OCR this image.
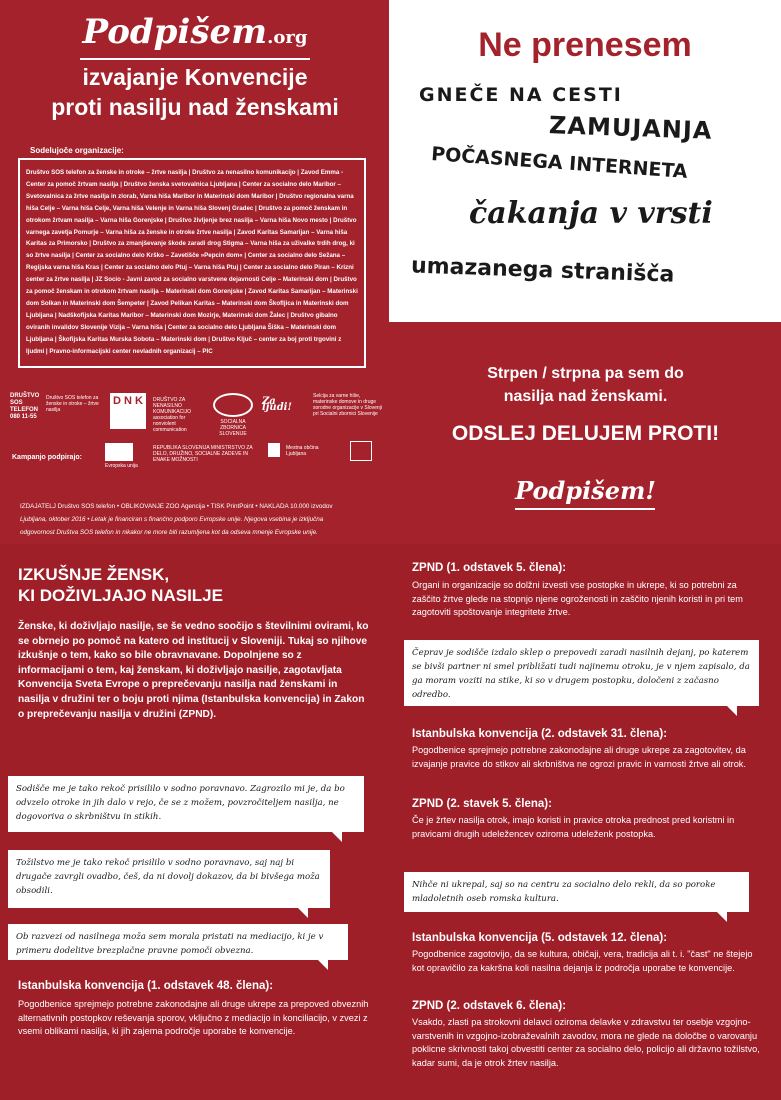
Podpišem.org
izvajanje Konvencije
proti nasilju nad ženskami
Sodelujoče organizacije:
Društvo SOS telefon za ženske in otroke – žrtve nasilja | Društvo za nenasilno komunikacijo | Zavod Emma - Center za pomoč žrtvam nasilja | Društvo ženska svetovalnica Ljubljana | Center za socialno delo Maribor – Svetovalnica za žrtve nasilja in zlorab, Varna hiša Maribor in Materinski dom Maribor | Društvo regionalna varna hiša Celje – Varna hiša Celje, Varna hiša Velenje in Varna hiša Slovenj Gradec | Društvo za pomoč ženskam in otrokom žrtvam nasilja – Varna hiša Gorenjske | Društvo življenje brez nasilja – Varna hiša Novo mesto | Društvo varnega zavetja Pomurje – Varna hiša za ženske in otroke žrtve nasilja | Zavod Karitas Samarijan – Varna hiša Karitas za Primorsko | Društvo za zmanjševanje škode zaradi drog Stigma – Varna hiša za uživalke trdih drog, ki so žrtve nasilja | Center za socialno delo Krško – Zavetišče »Pepcin dom« | Center za socialno delo Sežana – Regijska varna hiša Kras | Center za socialno delo Ptuj – Varna hiša Ptuj | Center za socialno delo Piran – Krizni center za žrtve nasilja | JZ Socio - Javni zavod za socialno varstvene dejavnosti Celje – Materinski dom | Društvo za pomoč ženskam in otrokom žrtvam nasilja – Materinski dom Gorenjske | Zavod Karitas Samarijan – Materinski dom Solkan in Materinski dom Šempeter | Zavod Pelikan Karitas – Materinski dom Škofljica in Materinski dom Ljubljana | Nadškofijska Karitas Maribor – Materinski dom Mozirje, Materinski dom Žalec | Društvo gibalno oviranih invalidov Slovenije Vizija – Varna hiša | Center za socialno delo Ljubljana Šiška – Materinski dom Ljubljana | Škofijska Karitas Murska Sobota – Materinski dom | Društvo Ključ – center za boj proti trgovini z ljudmi | Pravno-informacijski center nevladnih organizacij – PIC
DRUŠTVO SOS TELEFON 080 11-55
Društvo SOS telefon za ženske in otroke – žrtve nasilja
D N K	DRUŠTVO ZA NENASILNO KOMUNIKACIJO association for nonviolent communication
SOCIALNA ZBORNICA SLOVENIJE
Za ljudi!
Selcija za varne hiše, materinske domove in druge sorodne organizacije v Slovenji pri Socialni zbornici Slovenije
Kampanjo podpirajo:
Evropska unija
REPUBLIKA SLOVENIJA MINISTRSTVO ZA DELO, DRUŽINO, SOCIALNE ZADEVE IN ENAKE MOŽNOSTI
Mestna občina Ljubljana
IZDAJATELJ Društvo SOS telefon • OBLIKOVANJE ZOO Agencija • TISK PrintPoint • NAKLADA 10.000 izvodov
Ljubljana, oktober 2016 • Letak je financiran s finančno podporo Evropske unije. Njegova vsebina je izključna
odgovornost Društva SOS telefon in nikakor ne more biti razumljena kot da odseva mnenje Evropske unije.
Ne prenesem
GNEČE NA CESTI
ZAMUJANJA
POČASNEGA INTERNETA
čakanja v vrsti
umazanega stranišča
Strpen / strpna pa sem do
nasilja nad ženskami.
ODSLEJ DELUJEM PROTI!
Podpišem!
IZKUŠNJE ŽENSK,
KI DOŽIVLJAJO NASILJE
Ženske, ki doživljajo nasilje, se še vedno soočijo s številnimi ovirami, ko se obrnejo po pomoč na katero od institucij v Sloveniji. Tukaj so njihove izkušnje o tem, kako so bile obravnavane. Dopolnjene so z informacijami o tem, kaj ženskam, ki doživljajo nasilje, zagotavljata Konvencija Sveta Evrope o preprečevanju nasilja nad ženskami in nasilja v družini ter o boju proti njima (Istanbulska konvencija) in Zakon o preprečevanju nasilja v družini (ZPND).
Sodišče me je tako rekoč prisililo v sodno poravnavo. Zagrozilo mi je, da bo odvzelo otroke in jih dalo v rejo, če se z možem, povzročiteljem nasilja, ne dogovoriva o skrbništvu in stikih.
Tožilstvo me je tako rekoč prisililo v sodno poravnavo, saj naj bi drugače zavrgli ovadbo, češ, da ni dovolj dokazov, da bi bivšega moža obsodili.
Ob razvezi od nasilnega moža sem morala pristati na mediacijo, ki je v primeru dodelitve brezplačne pravne pomoči obvezna.
Istanbulska konvencija (1. odstavek 48. člena):
Pogodbenice sprejmejo potrebne zakonodajne ali druge ukrepe za prepoved obveznih alternativnih postopkov reševanja sporov, vključno z mediacijo in konciliacijo, v zvezi z vsemi oblikami nasilja, ki jih zajema področje uporabe te konvencije.
ZPND (1. odstavek 5. člena):
Organi in organizacije so dolžni izvesti vse postopke in ukrepe, ki so potrebni za zaščito žrtve glede na stopnjo njene ogroženosti in zaščito njenih koristi in pri tem zagotoviti spoštovanje integritete žrtve.
Čeprav je sodišče izdalo sklep o prepovedi zaradi nasilnih dejanj, po katerem se bivši partner ni smel približati tudi najinemu otroku, je v njem zapisalo, da ga moram voziti na stike, ki so v drugem postopku, določeni z začasno odredbo.
Istanbulska konvencija (2. odstavek 31. člena):
Pogodbenice sprejmejo potrebne zakonodajne ali druge ukrepe za zagotovitev, da izvajanje pravice do stikov ali skrbništva ne ogrozi pravic in varnosti žrtve ali otrok.
ZPND (2. stavek 5. člena):
Če je žrtev nasilja otrok, imajo koristi in pravice otroka prednost pred koristmi in pravicami drugih udeležencev oziroma udeleženk postopka.
Nihče ni ukrepal, saj so na centru za socialno delo rekli, da so poroke mladoletnih oseb romska kultura.
Istanbulska konvencija (5. odstavek 12. člena):
Pogodbenice zagotovijo, da se kultura, običaji, vera, tradicija ali t. i. "čast" ne štejejo kot opravičilo za kakršna koli nasilna dejanja iz področja uporabe te konvencije.
ZPND (2. odstavek 6. člena):
Vsakdo, zlasti pa strokovni delavci oziroma delavke v zdravstvu ter osebje vzgojno-varstvenih in vzgojno-izobraževalnih zavodov, mora ne glede na določbe o varovanju poklicne skrivnosti takoj obvestiti center za socialno delo, policijo ali državno tožilstvo, kadar sumi, da je otrok žrtev nasilja.
